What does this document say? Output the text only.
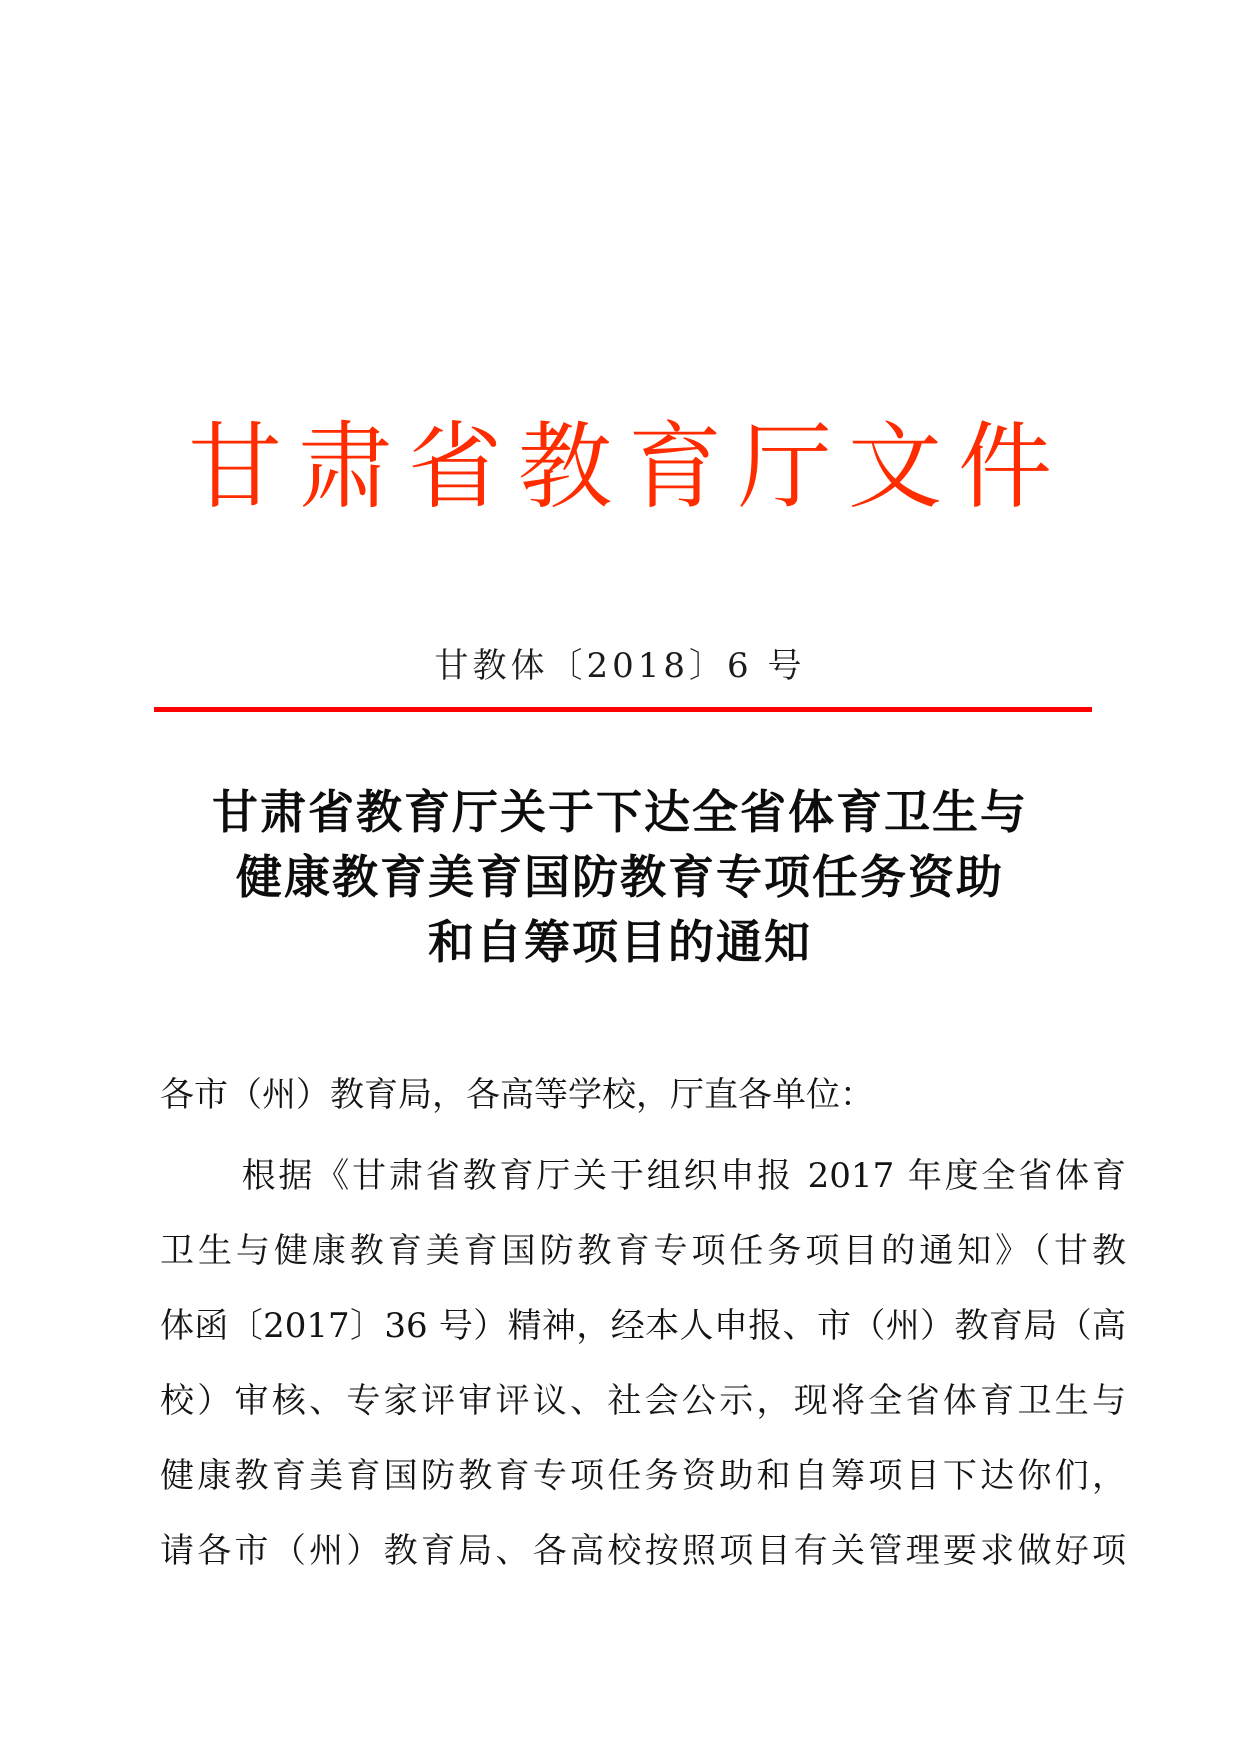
甘肃省教育厅文件
甘教体〔2018〕6 号
甘肃省教育厅关于下达全省体育卫生与
健康教育美育国防教育专项任务资助
和自筹项目的通知
各市（州）教育局，各高等学校，厅直各单位：
根据《甘肃省教育厅关于组织申报 2017 年度全省体育
卫生与健康教育美育国防教育专项任务项目的通知》（甘教
体函〔2017〕36 号）精神，经本人申报、市（州）教育局（高
校）审核、专家评审评议、社会公示，现将全省体育卫生与
健康教育美育国防教育专项任务资助和自筹项目下达你们，
请各市（州）教育局、各高校按照项目有关管理要求做好项
